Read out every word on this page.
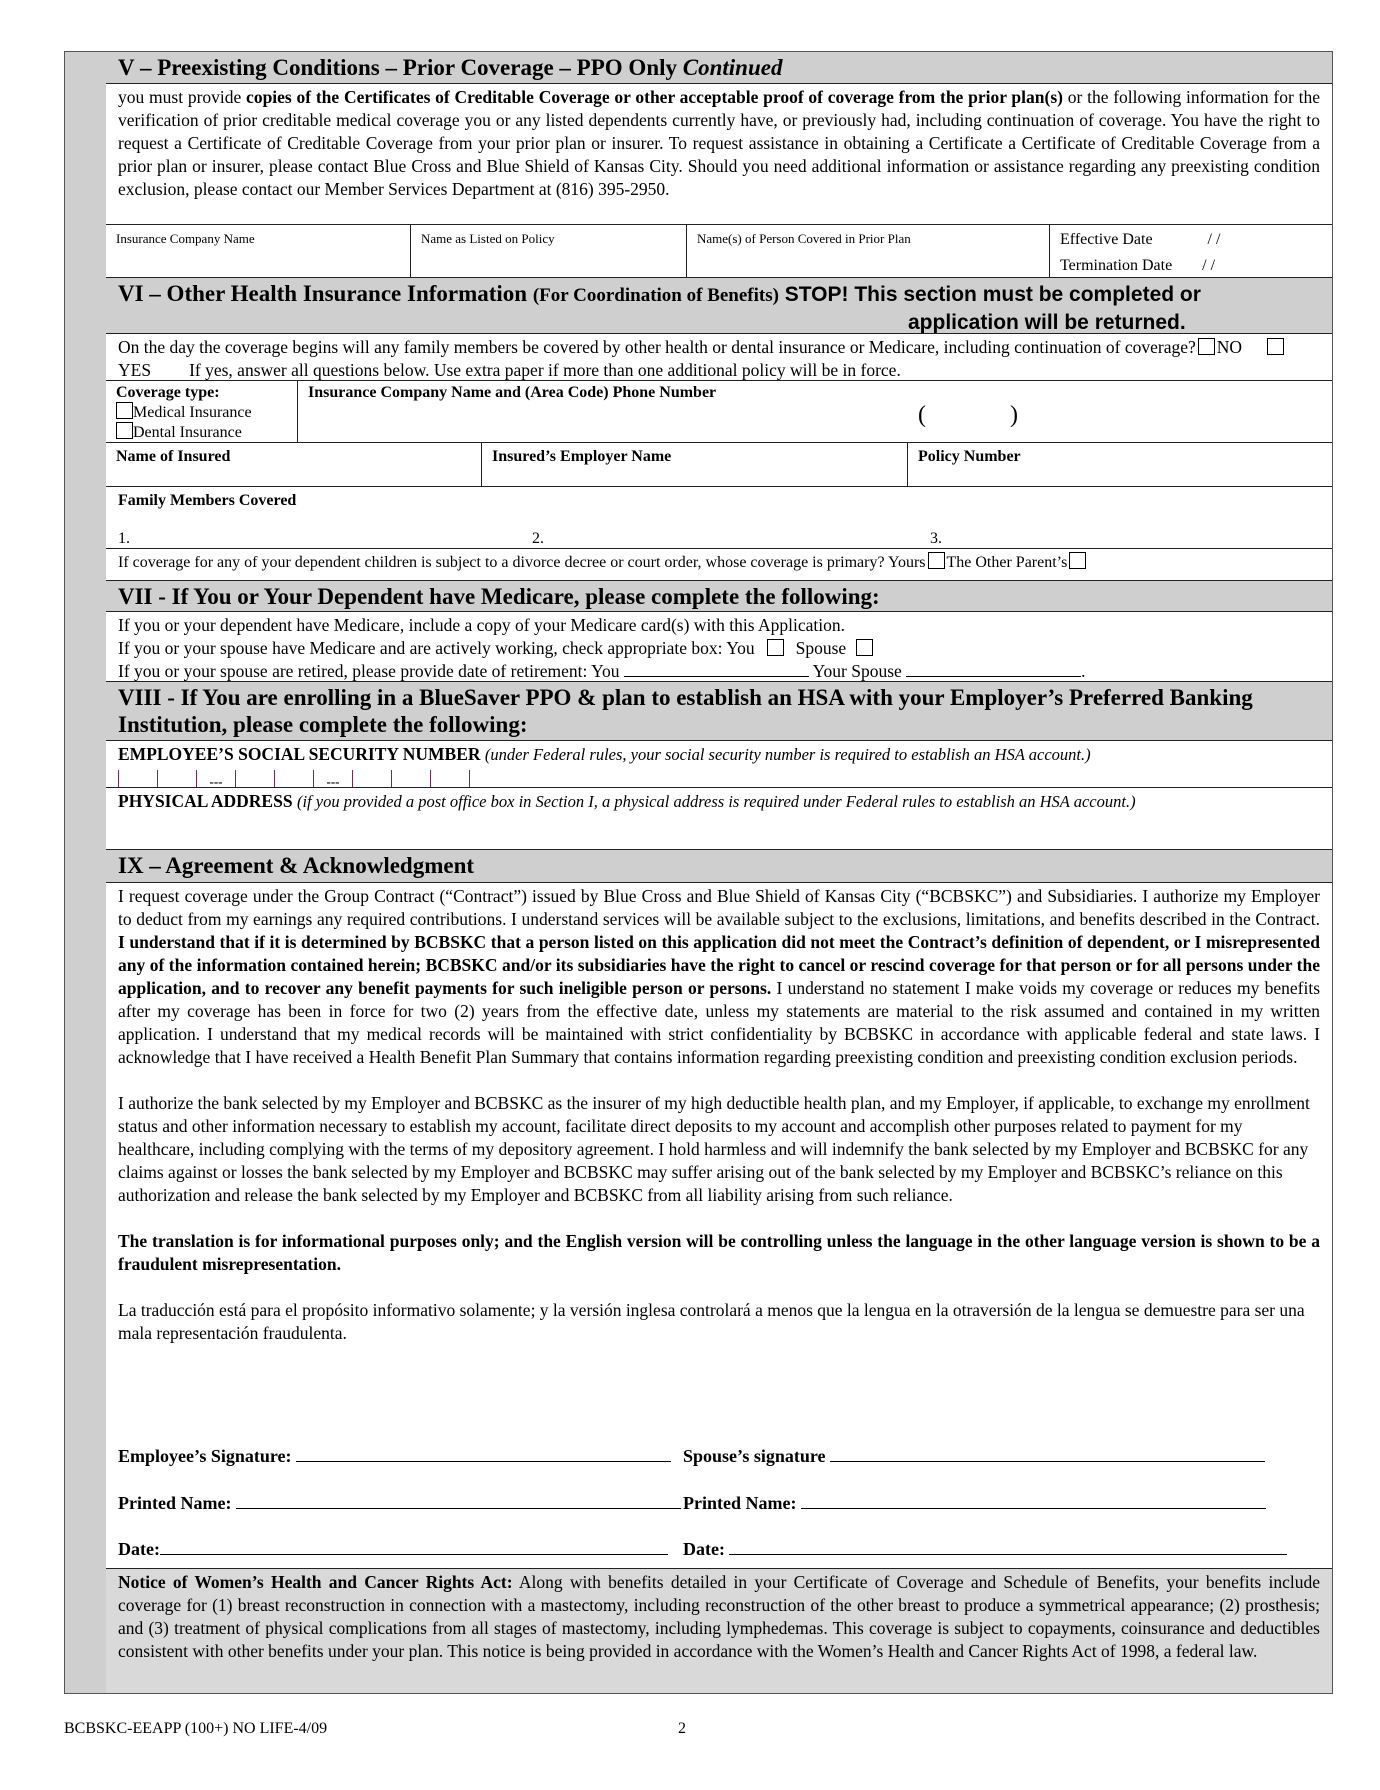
V – Preexisting Conditions – Prior Coverage – PPO Only Continued
you must provide copies of the Certificates of Creditable Coverage or other acceptable proof of coverage from the prior plan(s) or the following information for the verification of prior creditable medical coverage you or any listed dependents currently have, or previously had, including continuation of coverage. You have the right to request a Certificate of Creditable Coverage from your prior plan or insurer. To request assistance in obtaining a Certificate a Certificate of Creditable Coverage from a prior plan or insurer, please contact Blue Cross and Blue Shield of Kansas City. Should you need additional information or assistance regarding any preexisting condition exclusion, please contact our Member Services Department at (816) 395-2950.
Insurance Company Name	Name as Listed on Policy	Name(s) of Person Covered in Prior Plan	Effective Date	/ /
Termination Date / /
VI – Other Health Insurance Information (For Coordination of Benefits) STOP! This section must be completed or
application will be returned.
On the day the coverage begins will any family members be covered by other health or dental insurance or Medicare, including continuation of coverage? NOYES If yes, answer all questions below. Use extra paper if more than one additional policy will be in force.
Coverage type:
Medical Insurance
Dental Insurance
Insurance Company Name and (Area Code) Phone Number
(              )
Name of Insured	Insured’s Employer Name	Policy Number
Family Members Covered
1.	2.	3.
If coverage for any of your dependent children is subject to a divorce decree or court order, whose coverage is primary? Yours The Other Parent’s
VII - If You or Your Dependent have Medicare, please complete the following:
If you or your dependent have Medicare, include a copy of your Medicare card(s) with this Application.
If you or your spouse have Medicare and are actively working, check appropriate box: You Spouse
If you or your spouse are retired, please provide date of retirement: You	Your Spouse	.
VIII - If You are enrolling in a BlueSaver PPO & plan to establish an HSA with your Employer’s Preferred Banking Institution, please complete the following:
EMPLOYEE’S SOCIAL SECURITY NUMBER (under Federal rules, your social security number is required to establish an HSA account.)
---	---
PHYSICAL ADDRESS (if you provided a post office box in Section I, a physical address is required under Federal rules to establish an HSA account.)
IX – Agreement & Acknowledgment

I request coverage under the Group Contract (“Contract”) issued by Blue Cross and Blue Shield of Kansas City (“BCBSKC”) and Subsidiaries. I authorize my Employer to deduct from my earnings any required contributions. I understand services will be available subject to the exclusions, limitations, and benefits described in the Contract. I understand that if it is determined by BCBSKC that a person listed on this application did not meet the Contract’s definition of dependent, or I misrepresented any of the information contained herein; BCBSKC and/or its subsidiaries have the right to cancel or rescind coverage for that person or for all persons under the application, and to recover any benefit payments for such ineligible person or persons. I understand no statement I make voids my coverage or reduces my benefits after my coverage has been in force for two (2) years from the effective date, unless my statements are material to the risk assumed and contained in my written application. I understand that my medical records will be maintained with strict confidentiality by BCBSKC in accordance with applicable federal and state laws. I acknowledge that I have received a Health Benefit Plan Summary that contains information regarding preexisting condition and preexisting condition exclusion periods.

I authorize the bank selected by my Employer and BCBSKC as the insurer of my high deductible health plan, and my Employer, if applicable, to exchange my enrollment status and other information necessary to establish my account, facilitate direct deposits to my account and accomplish other purposes related to payment for my healthcare, including complying with the terms of my depository agreement. I hold harmless and will indemnify the bank selected by my Employer and BCBSKC for any claims against or losses the bank selected by my Employer and BCBSKC may suffer arising out of the bank selected by my Employer and BCBSKC’s reliance on this authorization and release the bank selected by my Employer and BCBSKC from all liability arising from such reliance.

The translation is for informational purposes only; and the English version will be controlling unless the language in the other language version is shown to be a fraudulent misrepresentation.

La traducción está para el propósito informativo solamente; y la versión inglesa controlará a menos que la lengua en la otraversión de la lengua se demuestre para ser una mala representación fraudulenta.

Employee’s Signature:	Spouse’s signature
Printed Name:	Printed Name:
Date:	Date:
Notice of Women’s Health and Cancer Rights Act: Along with benefits detailed in your Certificate of Coverage and Schedule of Benefits, your benefits include coverage for (1) breast reconstruction in connection with a mastectomy, including reconstruction of the other breast to produce a symmetrical appearance; (2) prosthesis; and (3) treatment of physical complications from all stages of mastectomy, including lymphedemas. This coverage is subject to copayments, coinsurance and deductibles consistent with other benefits under your plan. This notice is being provided in accordance with the Women’s Health and Cancer Rights Act of 1998, a federal law.
BCBSKC-EEAPP (100+) NO LIFE-4/09	2
